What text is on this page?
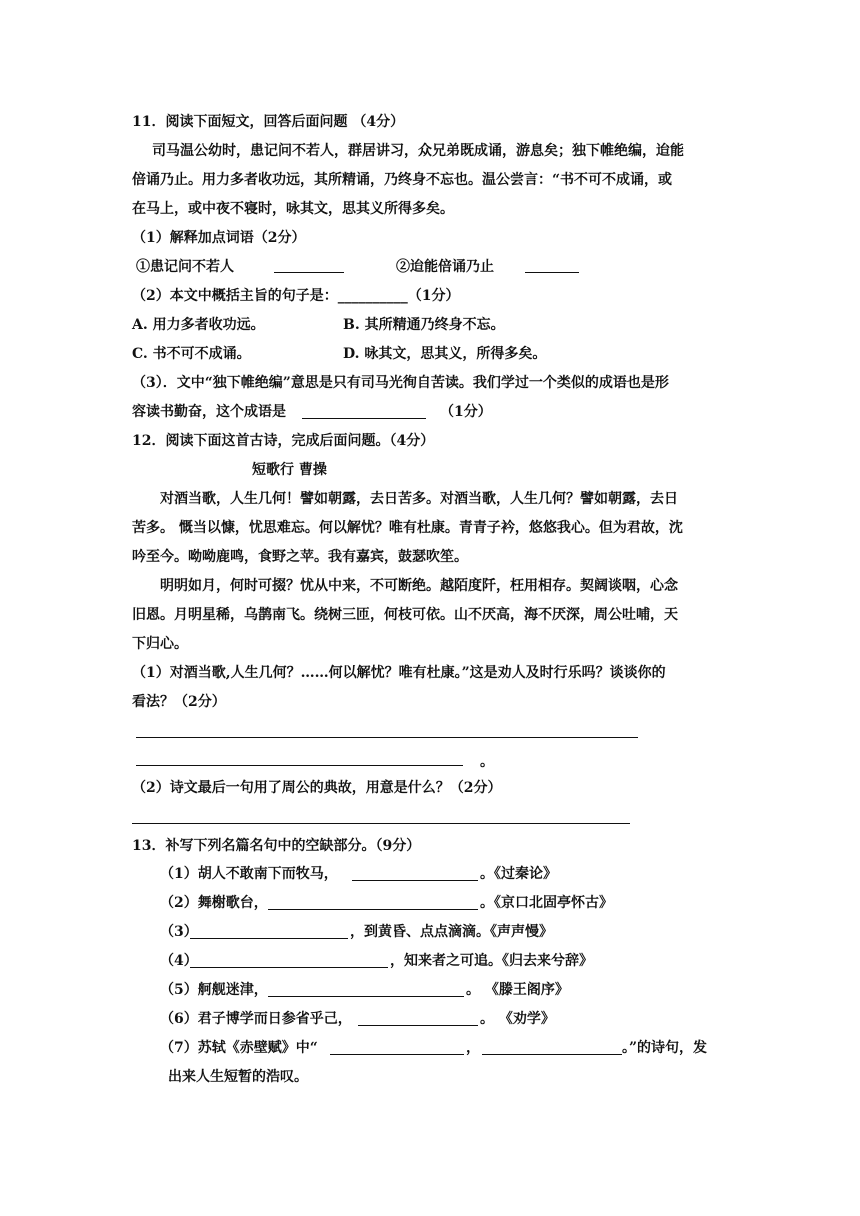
11．阅读下面短文，回答后面问题 （4分）
司马温公幼时，患记问不若人，群居讲习，众兄弟既成诵，游息矣；独下帷绝编，迨能
倍诵乃止。用力多者收功远，其所精诵，乃终身不忘也。温公尝言：“书不可不成诵，或
在马上，或中夜不寝时，咏其文，思其义所得多矣。
（1）解释加点词语（2分）
①患记问不若人	②迨能倍诵乃止
（2）本文中概括主旨的句子是：__________（1分）
A. 用力多者收功远。	B. 其所精通乃终身不忘。
C. 书不可不成诵。	D. 咏其文，思其义，所得多矣。
（3）．文中“独下帷绝编”意思是只有司马光徇自苦读。我们学过一个类似的成语也是形
容读书勤奋，这个成语是	（1分）
12．阅读下面这首古诗，完成后面问题。（4分）
短歌行 曹操
对酒当歌，人生几何！譬如朝露，去日苦多。对酒当歌，人生几何？譬如朝露，去日
苦多。 慨当以慷，忧思难忘。何以解忧？唯有杜康。青青子衿，悠悠我心。但为君故，沈
吟至今。呦呦鹿鸣，食野之苹。我有嘉宾，鼓瑟吹笙。
明明如月，何时可掇？忧从中来，不可断绝。越陌度阡，枉用相存。契阔谈咽，心念
旧恩。月明星稀，乌鹊南飞。绕树三匝，何枝可依。山不厌高，海不厌深，周公吐哺，天
下归心。
（1）对酒当歌,人生几何？……何以解忧？唯有杜康。”这是劝人及时行乐吗？谈谈你的
看法？（2分）
。
（2）诗文最后一句用了周公的典故，用意是什么？（2分）
13．补写下列名篇名句中的空缺部分。（9分）
（1）胡人不敢南下而牧马，	。《过秦论》
（2）舞榭歌台，	。《京口北固亭怀古》
（3）	，到黄昏、点点滴滴。《声声慢》
（4）	，知来者之可追。《归去来兮辞》
（5）舸舰迷津，	。 《滕王阁序》
（6）君子博学而日参省乎己，	。 《劝学》
（7）苏轼《赤壁赋》中“	，	。”的诗句，发
出来人生短暂的浩叹。
